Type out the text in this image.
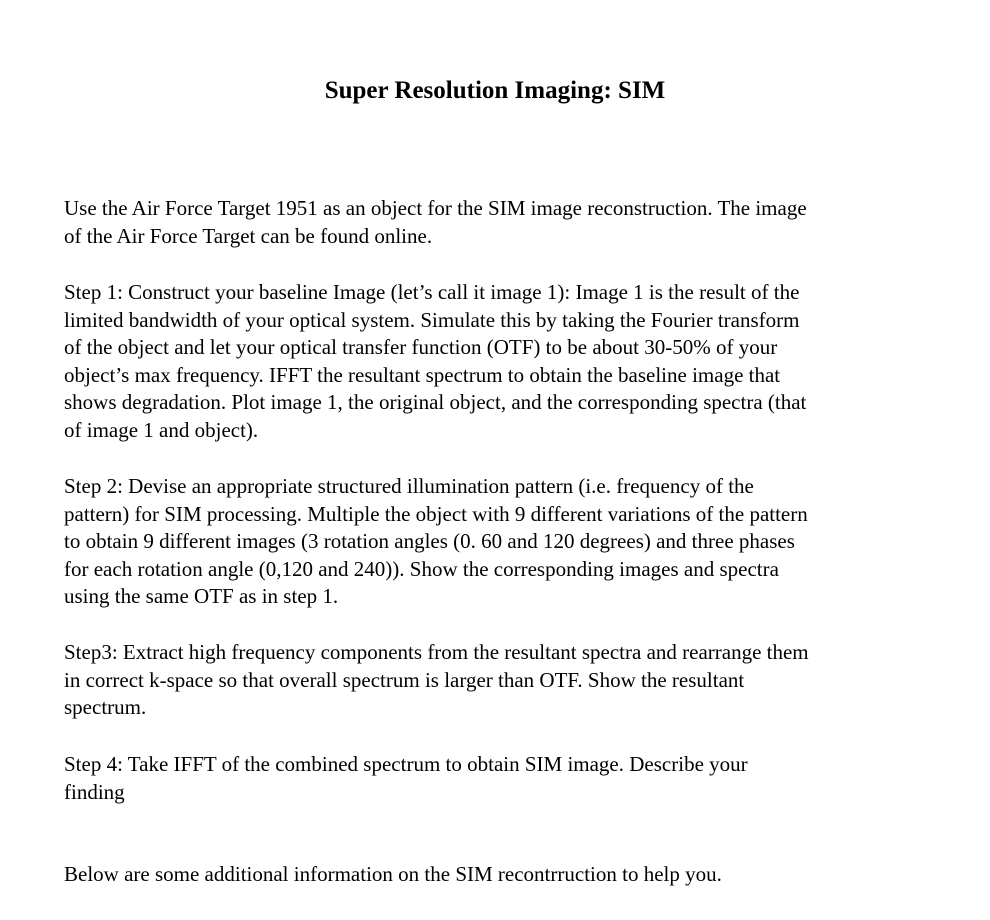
Super Resolution Imaging: SIM

Use the Air Force Target 1951 as an object for the SIM image reconstruction. The image
of the Air Force Target can be found online.

Step 1: Construct your baseline Image (let’s call it image 1): Image 1 is the result of the
limited bandwidth of your optical system. Simulate this by taking the Fourier transform
of the object and let your optical transfer function (OTF) to be about 30-50% of your
object’s max frequency. IFFT the resultant spectrum to obtain the baseline image that
shows degradation. Plot image 1, the original object, and the corresponding spectra (that
of image 1 and object).

Step 2: Devise an appropriate structured illumination pattern (i.e. frequency of the
pattern) for SIM processing. Multiple the object with 9 different variations of the pattern
to obtain 9 different images (3 rotation angles (0. 60 and 120 degrees) and three phases
for each rotation angle (0,120 and 240)). Show the corresponding images and spectra
using the same OTF as in step 1.

Step3: Extract high frequency components from the resultant spectra and rearrange them
in correct k-space so that overall spectrum is larger than OTF. Show the resultant
spectrum.

Step 4: Take IFFT of the combined spectrum to obtain SIM image. Describe your
finding

Below are some additional information on the SIM recontrruction to help you.
